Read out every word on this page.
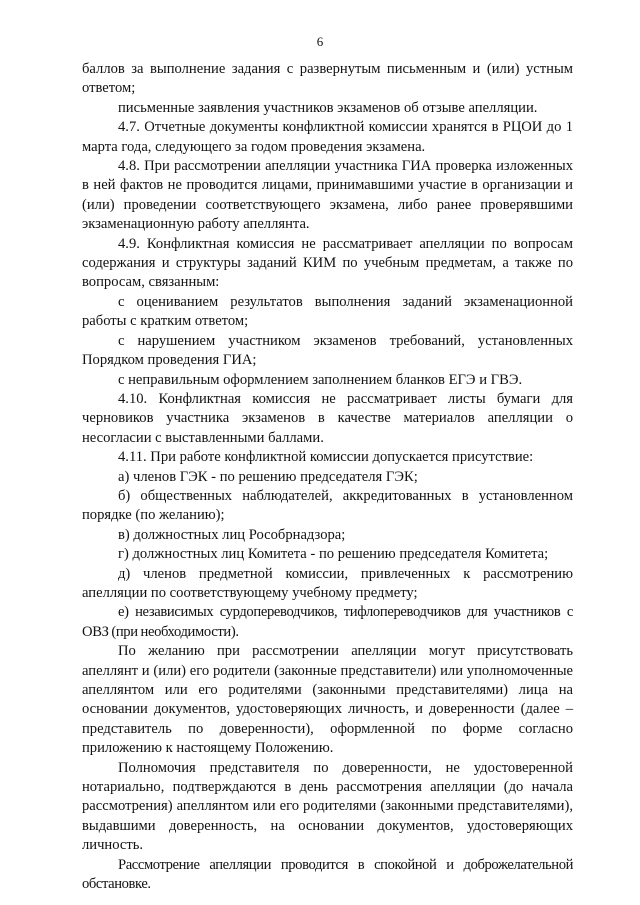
6

баллов за выполнение задания с развернутым письменным и (или) устным ответом;

письменные заявления участников экзаменов об отзыве апелляции.

4.7. Отчетные документы конфликтной комиссии хранятся в РЦОИ до 1 марта года, следующего за годом проведения экзамена.

4.8. При рассмотрении апелляции участника ГИА проверка изложенных в ней фактов не проводится лицами, принимавшими участие в организации и (или) проведении соответствующего экзамена, либо ранее проверявшими экзаменационную работу апеллянта.

4.9. Конфликтная комиссия не рассматривает апелляции по вопросам содержания и структуры заданий КИМ по учебным предметам, а также по вопросам, связанным:

с оцениванием результатов выполнения заданий экзаменационной работы с кратким ответом;

с нарушением участником экзаменов требований, установленных Порядком проведения ГИА;

с неправильным оформлением заполнением бланков ЕГЭ и ГВЭ.

4.10. Конфликтная комиссия не рассматривает листы бумаги для черновиков участника экзаменов в качестве материалов апелляции о несогласии с выставленными баллами.

4.11. При работе конфликтной комиссии допускается присутствие:

а) членов ГЭК - по решению председателя ГЭК;

б) общественных наблюдателей, аккредитованных в установленном порядке (по желанию);

в) должностных лиц Рособрнадзора;

г) должностных лиц Комитета - по решению председателя Комитета;

д) членов предметной комиссии, привлеченных к рассмотрению апелляции по соответствующему учебному предмету;

е) независимых сурдопереводчиков, тифлопереводчиков для участников с ОВЗ (при необходимости).

По желанию при рассмотрении апелляции могут присутствовать апеллянт и (или) его родители (законные представители) или уполномоченные апеллянтом или его родителями (законными представителями) лица на основании документов, удостоверяющих личность, и доверенности (далее – представитель по доверенности), оформленной по форме согласно приложению к настоящему Положению.

Полномочия представителя по доверенности, не удостоверенной нотариально, подтверждаются в день рассмотрения апелляции (до начала рассмотрения) апеллянтом или его родителями (законными представителями), выдавшими доверенность, на основании документов, удостоверяющих личность.

Рассмотрение апелляции проводится в спокойной и доброжелательной обстановке.
